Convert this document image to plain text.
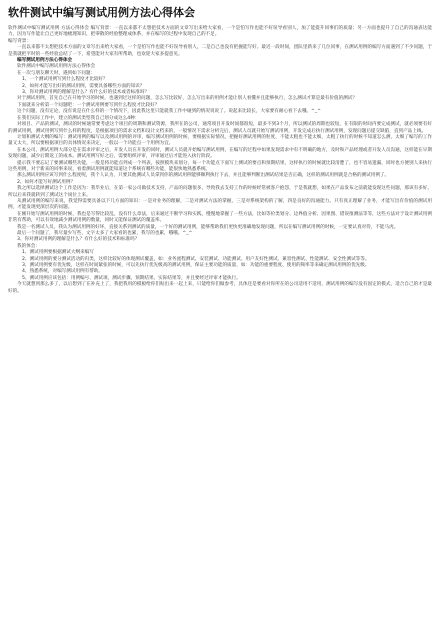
软件测试中编写测试用例方法心得体会

软件测试中编写测试用例 方法心得体会 编写背景：一直以来都不太想把技术方面的文章写出来给大家看，一个是怕写作也能不好误导看别人，加了能提升同事们的质量；另一方面也提升了自己的沟通表达能力，因为写作能让自己更好地梳理知识，把零散的经验整理成体系，并在编写的过程中发现自己的不足。

编写背景：

一直以来都不太想把技术方面的文章写出来给大家看，一个是怕写作也能不好误导看别人，二是自己也没有把握能写好。最近一段时间，团队里新来了几位同事，在测试用例的编写方面遇到了不少问题，于是我就把平时的一些经验总结了一下，希望能对大家有所帮助，也欢迎大家多提意见。

编写测试用例方法心得体会

软件测试中编写测试用例方法心得体会

在一次与朋友聊天时，遇到如下问题：

1、一个测试用例写到什么程度才比较好？

2、如何才能写出好的测试用例，需要具备哪些方面的知识？

3、你对测试用例的理解是什么？有什么好的技术或者标准吗？

对于测试用例，首先自己在开始学习的时候，也遇到过这样的问题，怎么写比较好，怎么写出来的用例才能让别人看懂并且能够执行，怎么测试才算是最有价值的测试？

下面就来分析第一个问题吧：一个测试用例要写到什么程度才比较好？

这个问题，没有定论，没有说是在什么样的一个情况下，因此我这里只能就我工作中碰到的情况说说了。说起来比较长，大家要有耐心看下去哦。^_^

在我们实际工作中，建立的测试类型我自己划分成这么4种：

对项目、产品的测试，测试的时候通常要考虑这个项目的周期和测试资源，我所在的公司，通常项目开发时间都很短，最多不到3个月，所以测试的周期也较短，在有限的时间内要完成测试，就必须要有好的测试用例，测试用例写到什么样的程度，是根据项目的需求文档和设计文档来的，一般情况下需求分析完后，测试人员就开始写测试用例，开发完成后执行测试用例，发现问题后提交缺陷，直到产品上线。

计划和测试大纲的编写：测试用例的编写以及测试用例的评审，编写测试用例的时候，要根据实际情况，把握好测试用例的粒度，不能太粗也不能太细，太粗了执行的时候不知道怎么测，太细了编写的工作量又太大，所以要根据项目的具体情况来决定，一般以一个功能点一个用例为宜。

在本公司，测试用例大部分是在需求评审之后，开发人员在开发的同时，测试人员就开始编写测试用例，在编写的过程中如果发现需求中有不明确的地方，及时和产品经理或者开发人员沟通，这样能在早期发现问题，减少后期返工的成本。测试用例写好之后，需要组织评审，评审通过后才能进入执行阶段。

提示我不要忘记了要测试哪些功能，一般是将功能点列成一个列表，按照模块来划分，每一个功能点下面写上测试的要点和预期结果，这样执行的时候就比较清楚了，也不容易遗漏，同时也方便别人来执行这些用例，对于新来的同事来说，看着测试用例就能知道这个系统有哪些功能，能很快地熟悉系统。

那么测试用例应该写到什么程度呢，我个人认为，只要其他测试人员拿到你的测试用例能够顺利执行下去，并且能够判断出测试结果是否正确，这样的测试用例就是合格的测试用例了。

2、如何才能写好测试用例？

我之所以选择测试这个工作是因为：我毕业后，在第一家公司做技术支持，产品的问题很多，导致我去支持工作的时候经常被客户抱怨，于是我就想，如果在产品发布之前就能发现这些问题，那该有多好，所以后来我就转到了测试这个岗位上来。

从测试用例的编写来说，我觉得需要具备以下几方面的知识：一是对业务的理解，二是对测试方法的掌握，三是对系统架构的了解，四是良好的沟通能力。只有真正理解了业务，才能写出有价值的测试用例，才能发现更深层次的问题。

在刚开始写测试用例的时候，我也是写得比较乱，没有什么章法，后来通过不断学习和实践，慢慢地掌握了一些方法，比如等价类划分、边界值分析、因果图、错误推测法等等，这些方法对于设计测试用例非常有帮助，可以有效地减少测试用例的数量，同时又能保证测试的覆盖率。

我是一名测试人员，我认为测试用例的好坏，直接关系到测试的质量，一个好的测试用例，能够帮助我们更快更准确地发现问题，所以在编写测试用例的时候，一定要认真对待，不能马虎。

最后一个问题了，我尽量少写些，文字太多了大家看的也累，我写的也累，哦哦。^_^

3、你对测试用例的理解是什么？有什么好的技术和标准吗？

我的体会：

1、测试用例要根据测试大纲来编写

2、测试用例的要分测试活动的归类，这样比较好的体现测试覆盖，如：业务流程测试、安装测试、功能测试、用户友好性测试、兼容性测试、性能测试、安全性测试等等。

3、测试用例要有优先级，这样在时间紧张的时候，可以先执行优先级高的测试用例，保证主要功能的质量，如：功能的重要程度、使用的频率等来确定测试用例的优先级。

4、熟悉系统，对编写测试用例有帮助。

5、测试用例应该包括：用例编号、测试项、测试步骤、预期结果、实际结果等，并且要经过评审才能执行。

今天就想到那么多了，以后想到了在补充上了，我把我用的模板给你们贴出来一起上来，只能给你们做参考，具体还是要看对你所在的公司适用不适用，测试用例的编写没有固定的模式，适合自己的才是最好的。
